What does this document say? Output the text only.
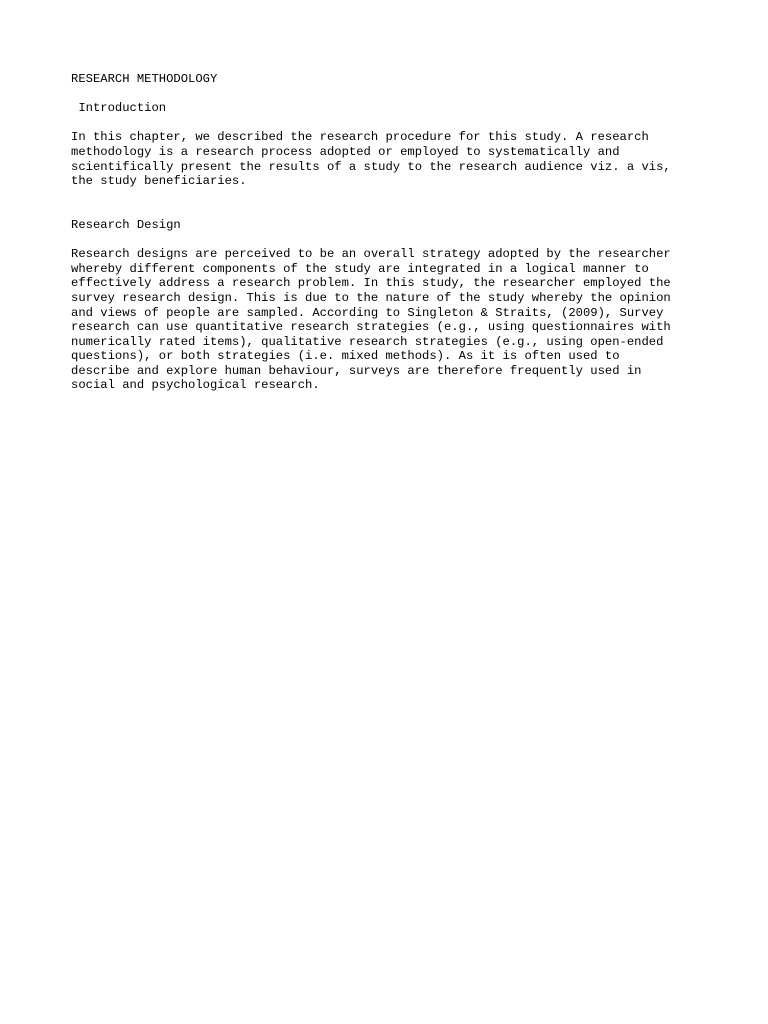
RESEARCH METHODOLOGY
Introduction
In this chapter, we described the research procedure for this study. A research
methodology is a research process adopted or employed to systematically and
scientifically present the results of a study to the research audience viz. a vis,
the study beneficiaries.
Research Design
Research designs are perceived to be an overall strategy adopted by the researcher
whereby different components of the study are integrated in a logical manner to
effectively address a research problem. In this study, the researcher employed the
survey research design. This is due to the nature of the study whereby the opinion
and views of people are sampled. According to Singleton & Straits, (2009), Survey
research can use quantitative research strategies (e.g., using questionnaires with
numerically rated items), qualitative research strategies (e.g., using open-ended
questions), or both strategies (i.e. mixed methods). As it is often used to
describe and explore human behaviour, surveys are therefore frequently used in
social and psychological research.
